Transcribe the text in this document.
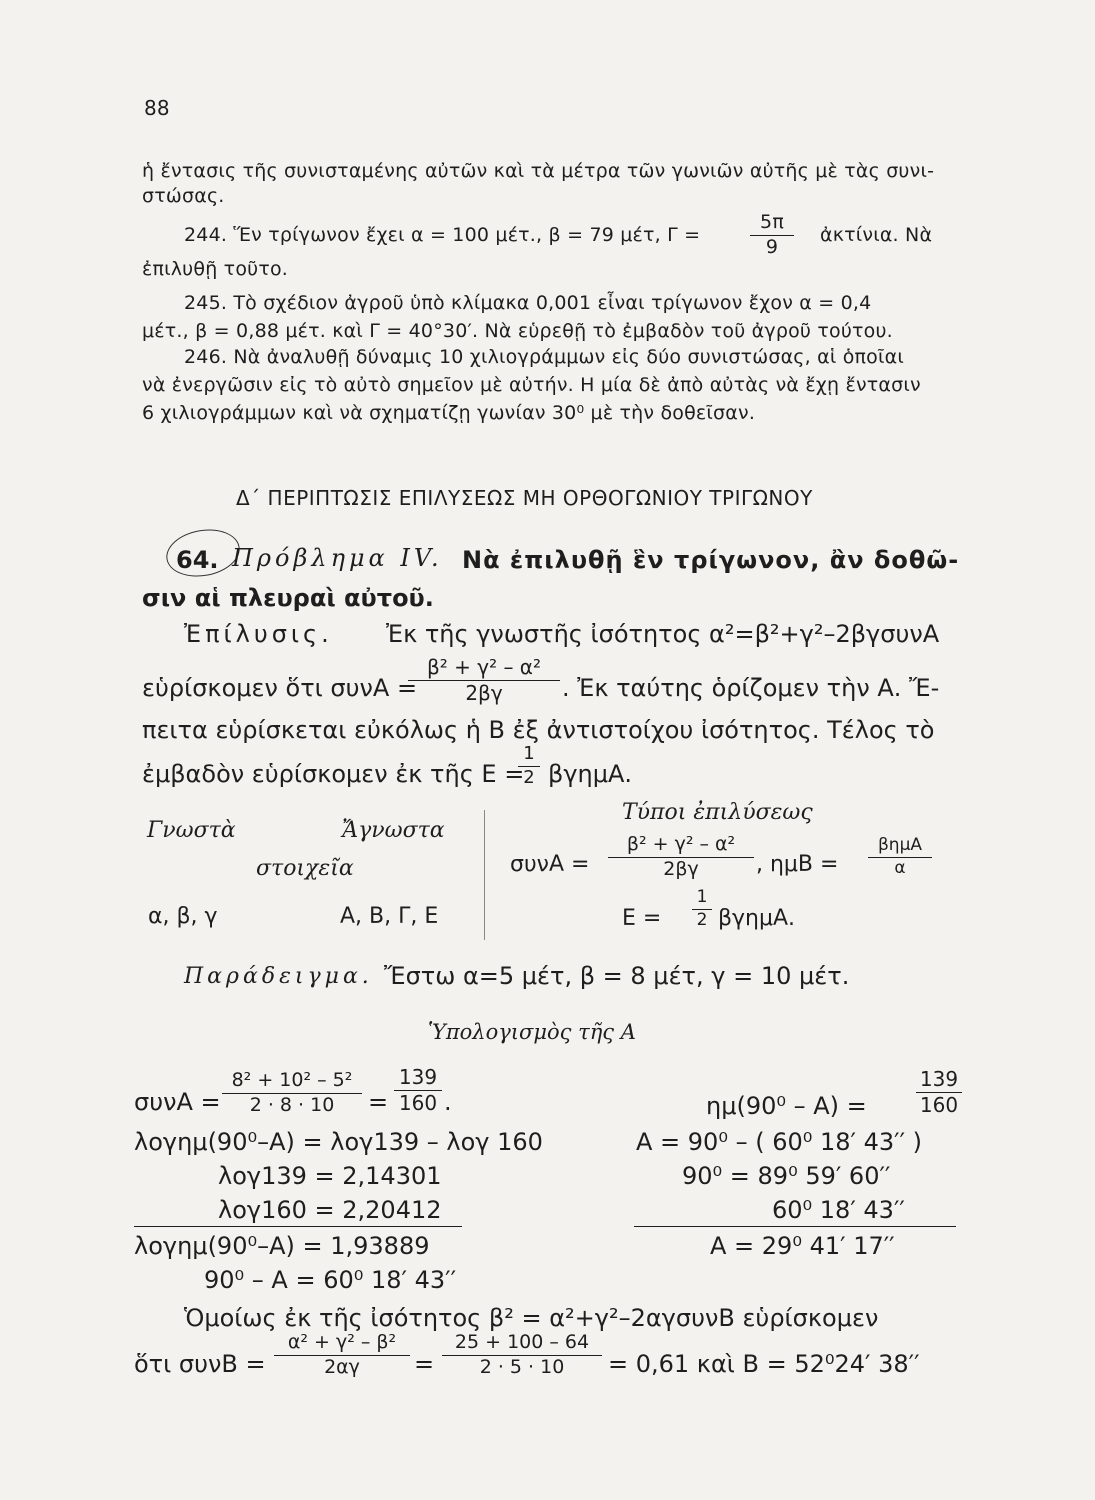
88
ἡ ἔντασις τῆς συνισταμένης αὐτῶν καὶ τὰ μέτρα τῶν γωνιῶν αὐτῆς μὲ τὰς συνι-
στώσας.
244. Ἕν τρίγωνον ἔχει α = 100 μέτ., β = 79 μέτ, Γ =
5π
9
ἀκτίνια. Νὰ
ἐπιλυθῇ τοῦτο.
245. Τὸ σχέδιον ἀγροῦ ὑπὸ κλίμακα 0,001 εἶναι τρίγωνον ἔχον α = 0,4
μέτ., β = 0,88 μέτ. καὶ Γ = 40°30′. Νὰ εὑρεθῇ τὸ ἐμβαδὸν τοῦ ἀγροῦ τούτου.
246. Νὰ ἀναλυθῇ δύναμις 10 χιλιογράμμων εἰς δύο συνιστώσας, αἱ ὁποῖαι
νὰ ἐνεργῶσιν εἰς τὸ αὐτὸ σημεῖον μὲ αὐτήν. Η μία δὲ ἀπὸ αὐτὰς νὰ ἔχῃ ἔντασιν
6 χιλιογράμμων καὶ νὰ σχηματίζῃ γωνίαν 30⁰ μὲ τὴν δοθεῖσαν.
Δ΄ ΠΕΡΙΠΤΩΣΙΣ ΕΠΙΛΥΣΕΩΣ ΜΗ ΟΡΘΟΓΩΝΙΟΥ ΤΡΙΓΩΝΟΥ
64. Πρόβλημα IV. Νὰ ἐπιλυθῇ ἓν τρίγωνον, ἂν δοθῶ-
σιν αἱ πλευραὶ αὐτοῦ.
Ἐπίλυσις. Ἐκ τῆς γνωστῆς ἰσότητος α²=β²+γ²–2βγσυνΑ
εὑρίσκομεν ὅτι συνΑ =
β² + γ² – α²
2βγ	. Ἐκ ταύτης ὁρίζομεν τὴν Α. Ἔ-
πειτα εὑρίσκεται εὐκόλως ἡ Β ἐξ ἀντιστοίχου ἰσότητος. Τέλος τὸ
ἐμβαδὸν εὑρίσκομεν ἐκ τῆς Ε =
1
2 βγημΑ.
Γνωστὰ	Ἄγνωστα
στοιχεῖα
Τύποι ἐπιλύσεως
συνΑ =
β² + γ² – α²
2βγ	, ημΒ =
βημΑ
α
α, β, γ	Α, Β, Γ, Ε	Ε =
1
2 βγημΑ.
Παράδειγμα. Ἔστω α=5 μέτ, β = 8 μέτ, γ = 10 μέτ.
Ὑπολογισμὸς τῆς Α
συνΑ =
8² + 10² – 5²
2 · 8 · 10	=
139
160 .	ημ(90⁰ – Α) =
139
160
λογημ(90⁰–Α) = λογ139 – λογ 160
λογ139 = 2,14301
λογ160 = 2,20412
λογημ(90⁰–Α) = 1,93889
90⁰ – Α = 60⁰ 18′ 43′′
Α = 90⁰ – ( 60⁰ 18′ 43′′ )
90⁰ = 89⁰ 59′ 60′′
60⁰ 18′ 43′′
Α = 29⁰ 41′ 17′′
Ὁμοίως ἐκ τῆς ἰσότητος β² = α²+γ²–2αγσυνΒ εὑρίσκομεν
ὅτι συνΒ =
α² + γ² – β²
2αγ	=
25 + 100 – 64
2 · 5 · 10	= 0,61 καὶ Β = 52⁰24′ 38′′
